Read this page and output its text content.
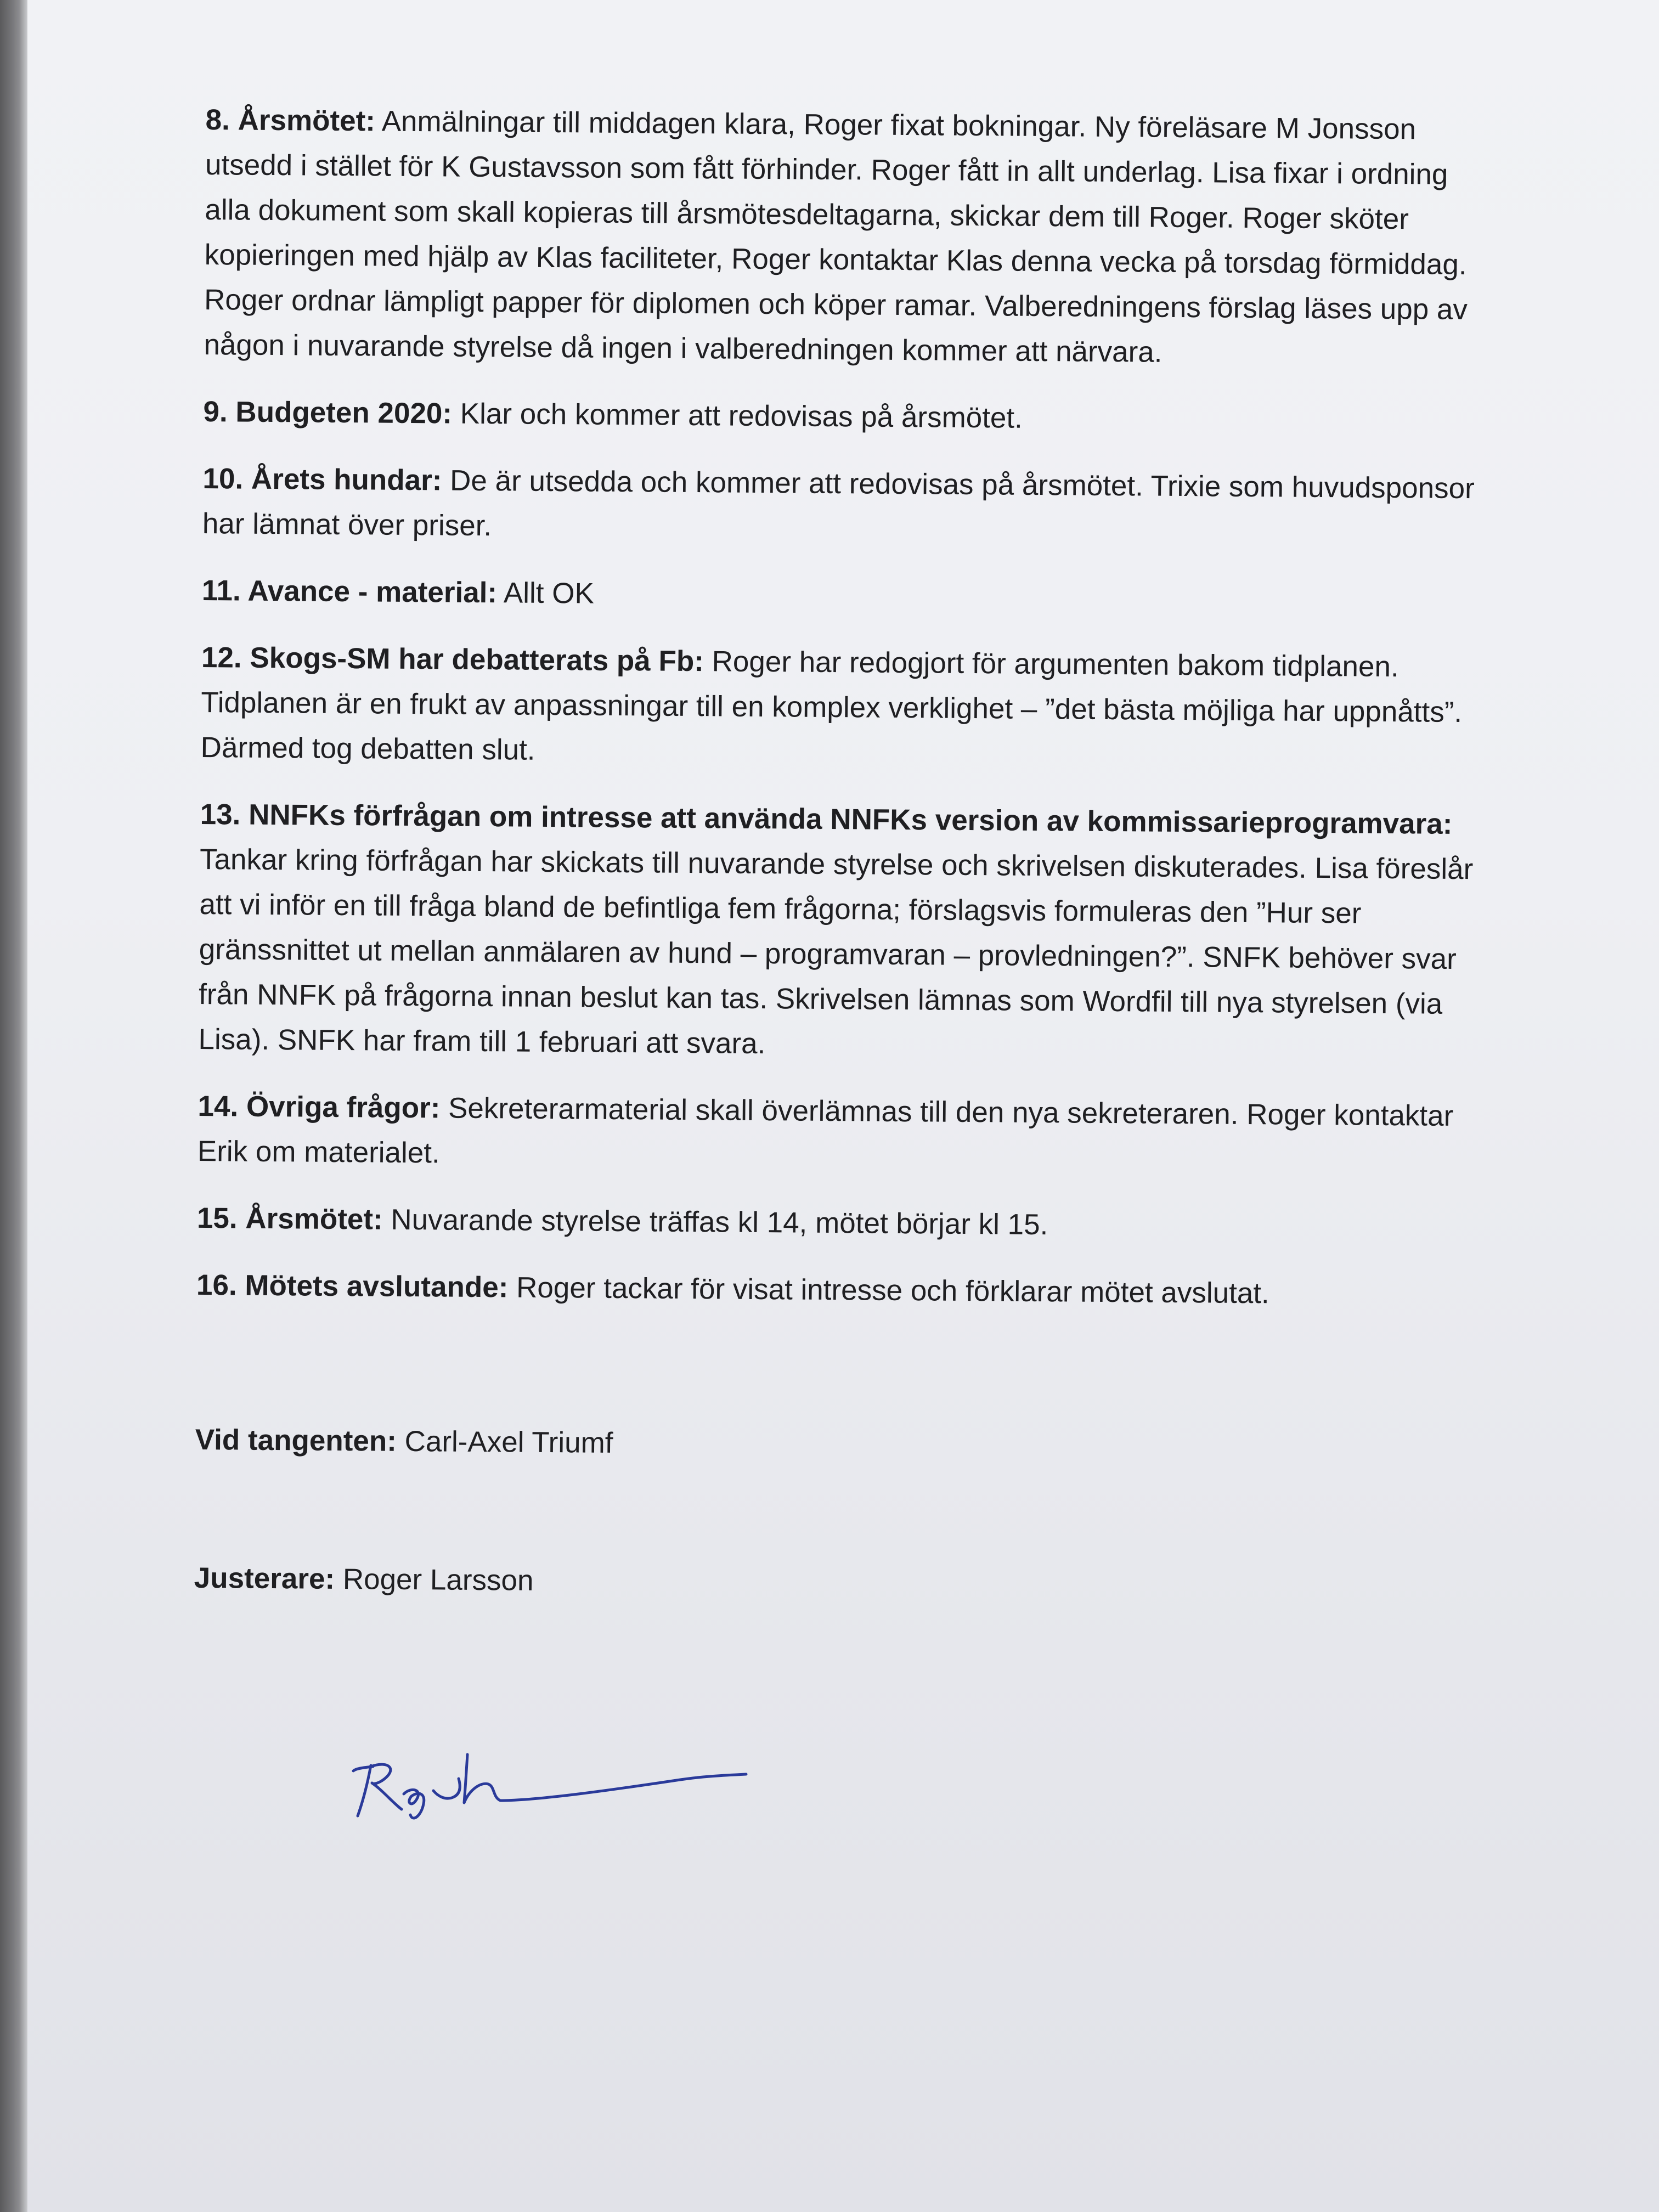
8. Årsmötet: Anmälningar till middagen klara, Roger fixat bokningar. Ny föreläsare M Jonsson utsedd i stället för K Gustavsson som fått förhinder. Roger fått in allt underlag. Lisa fixar i ordning alla dokument som skall kopieras till årsmötesdeltagarna, skickar dem till Roger. Roger sköter kopieringen med hjälp av Klas faciliteter, Roger kontaktar Klas denna vecka på torsdag förmiddag. Roger ordnar lämpligt papper för diplomen och köper ramar. Valberedningens förslag läses upp av någon i nuvarande styrelse då ingen i valberedningen kommer att närvara.
9. Budgeten 2020: Klar och kommer att redovisas på årsmötet.
10. Årets hundar: De är utsedda och kommer att redovisas på årsmötet. Trixie som huvudsponsor har lämnat över priser.
11. Avance - material: Allt OK
12. Skogs-SM har debatterats på Fb: Roger har redogjort för argumenten bakom tidplanen. Tidplanen är en frukt av anpassningar till en komplex verklighet – ”det bästa möjliga har uppnåtts”. Därmed tog debatten slut.
13. NNFKs förfrågan om intresse att använda NNFKs version av kommissarieprogramvara: Tankar kring förfrågan har skickats till nuvarande styrelse och skrivelsen diskuterades. Lisa föreslår att vi inför en till fråga bland de befintliga fem frågorna; förslagsvis formuleras den ”Hur ser gränssnittet ut mellan anmälaren av hund – programvaran – provledningen?”. SNFK behöver svar från NNFK på frågorna innan beslut kan tas. Skrivelsen lämnas som Wordfil till nya styrelsen (via Lisa). SNFK har fram till 1 februari att svara.
14. Övriga frågor: Sekreterarmaterial skall överlämnas till den nya sekreteraren. Roger kontaktar Erik om materialet.
15. Årsmötet: Nuvarande styrelse träffas kl 14, mötet börjar kl 15.
16. Mötets avslutande: Roger tackar för visat intresse och förklarar mötet avslutat.
Vid tangenten: Carl-Axel Triumf
Justerare: Roger Larsson
